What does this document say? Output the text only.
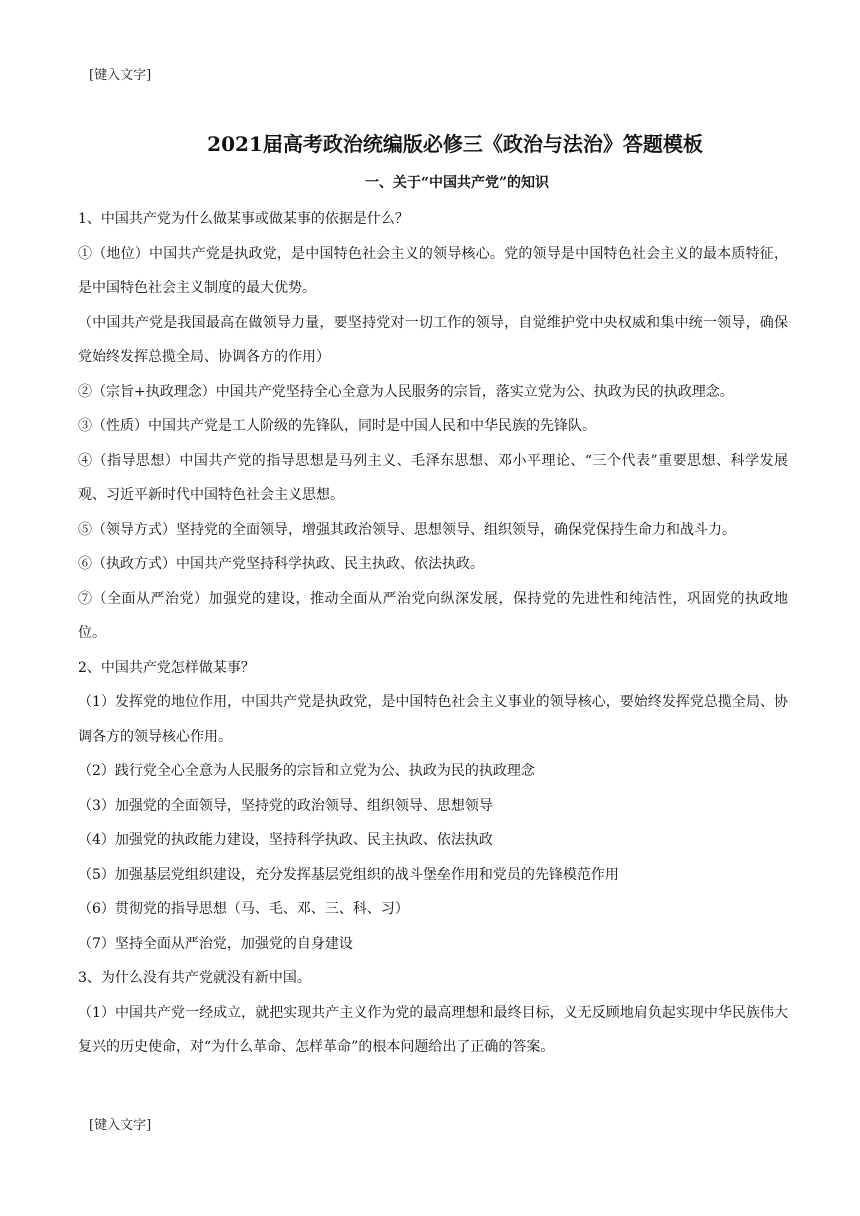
[键入文字]
2021届高考政治统编版必修三《政治与法治》答题模板
一、关于“中国共产党”的知识

1、中国共产党为什么做某事或做某事的依据是什么？

①（地位）中国共产党是执政党，是中国特色社会主义的领导核心。党的领导是中国特色社会主义的最本质特征，是中国特色社会主义制度的最大优势。

（中国共产党是我国最高在做领导力量，要坚持党对一切工作的领导，自觉维护党中央权威和集中统一领导，确保党始终发挥总揽全局、协调各方的作用）

②（宗旨+执政理念）中国共产党坚持全心全意为人民服务的宗旨，落实立党为公、执政为民的执政理念。

③（性质）中国共产党是工人阶级的先锋队，同时是中国人民和中华民族的先锋队。

④（指导思想）中国共产党的指导思想是马列主义、毛泽东思想、邓小平理论、“三个代表”重要思想、科学发展观、习近平新时代中国特色社会主义思想。

⑤（领导方式）坚持党的全面领导，增强其政治领导、思想领导、组织领导，确保党保持生命力和战斗力。

⑥（执政方式）中国共产党坚持科学执政、民主执政、依法执政。

⑦（全面从严治党）加强党的建设，推动全面从严治党向纵深发展，保持党的先进性和纯洁性，巩固党的执政地位。

2、中国共产党怎样做某事？

（1）发挥党的地位作用，中国共产党是执政党，是中国特色社会主义事业的领导核心，要始终发挥党总揽全局、协调各方的领导核心作用。

（2）践行党全心全意为人民服务的宗旨和立党为公、执政为民的执政理念

（3）加强党的全面领导，坚持党的政治领导、组织领导、思想领导

（4）加强党的执政能力建设，坚持科学执政、民主执政、依法执政

（5）加强基层党组织建设，充分发挥基层党组织的战斗堡垒作用和党员的先锋模范作用

（6）贯彻党的指导思想（马、毛、邓、三、科、习）

（7）坚持全面从严治党，加强党的自身建设

3、为什么没有共产党就没有新中国。

（1）中国共产党一经成立，就把实现共产主义作为党的最高理想和最终目标，义无反顾地肩负起实现中华民族伟大复兴的历史使命，对“为什么革命、怎样革命”的根本问题给出了正确的答案。

[键入文字]
